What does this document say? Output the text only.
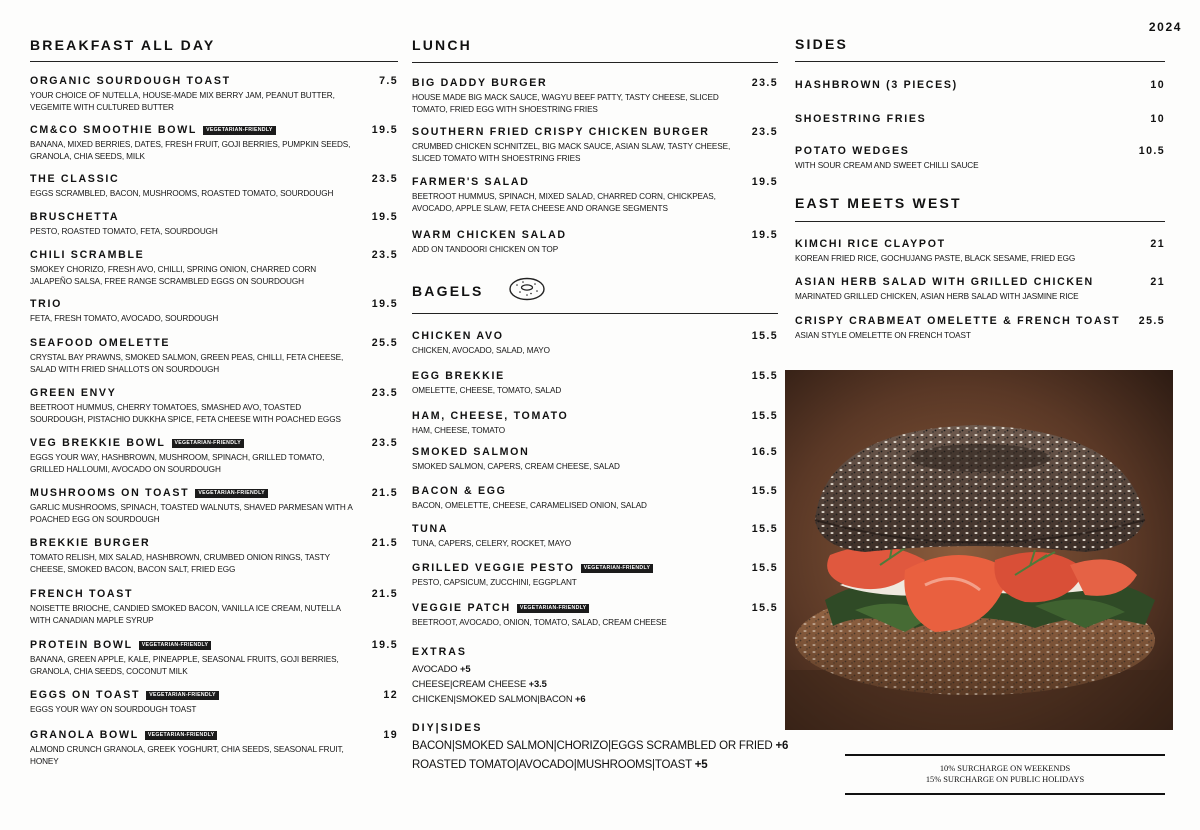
2024
BREAKFAST ALL DAY
ORGANIC SOURDOUGH TOAST	7.5
YOUR CHOICE OF NUTELLA, HOUSE-MADE MIX BERRY JAM, PEANUT BUTTER, VEGEMITE WITH CULTURED BUTTER
CM&CO SMOOTHIE BOWL	VEGETARIAN-FRIENDLY	19.5
BANANA, MIXED BERRIES, DATES, FRESH FRUIT, GOJI BERRIES, PUMPKIN SEEDS, GRANOLA, CHIA SEEDS, MILK
THE CLASSIC	23.5
EGGS SCRAMBLED, BACON, MUSHROOMS, ROASTED TOMATO, SOURDOUGH
BRUSCHETTA	19.5
PESTO, ROASTED TOMATO, FETA, SOURDOUGH
CHILI SCRAMBLE	23.5
SMOKEY CHORIZO, FRESH AVO, CHILLI, SPRING ONION, CHARRED CORN JALAPEÑO SALSA, FREE RANGE SCRAMBLED EGGS ON SOURDOUGH
TRIO	19.5
FETA, FRESH TOMATO, AVOCADO, SOURDOUGH
SEAFOOD OMELETTE	25.5
CRYSTAL BAY PRAWNS, SMOKED SALMON, GREEN PEAS, CHILLI, FETA CHEESE, SALAD WITH FRIED SHALLOTS ON SOURDOUGH
GREEN ENVY	23.5
BEETROOT HUMMUS, CHERRY TOMATOES, SMASHED AVO, TOASTED SOURDOUGH, PISTACHIO DUKKHA SPICE, FETA CHEESE WITH POACHED EGGS
VEG BREKKIE BOWL	VEGETARIAN-FRIENDLY	23.5
EGGS YOUR WAY, HASHBROWN, MUSHROOM, SPINACH, GRILLED TOMATO, GRILLED HALLOUMI, AVOCADO ON SOURDOUGH
MUSHROOMS ON TOAST	VEGETARIAN-FRIENDLY	21.5
GARLIC MUSHROOMS, SPINACH, TOASTED WALNUTS, SHAVED PARMESAN WITH A POACHED EGG ON SOURDOUGH
BREKKIE BURGER	21.5
TOMATO RELISH, MIX SALAD, HASHBROWN, CRUMBED ONION RINGS, TASTY CHEESE, SMOKED BACON, BACON SALT, FRIED EGG
FRENCH TOAST	21.5
NOISETTE BRIOCHE, CANDIED SMOKED BACON, VANILLA ICE CREAM, NUTELLA WITH CANADIAN MAPLE SYRUP
PROTEIN BOWL	VEGETARIAN-FRIENDLY	19.5
BANANA, GREEN APPLE, KALE, PINEAPPLE, SEASONAL FRUITS, GOJI BERRIES, GRANOLA, CHIA SEEDS, COCONUT MILK
EGGS ON TOAST	VEGETARIAN-FRIENDLY	12
EGGS YOUR WAY ON SOURDOUGH TOAST
GRANOLA BOWL	VEGETARIAN-FRIENDLY	19
ALMOND CRUNCH GRANOLA, GREEK YOGHURT, CHIA SEEDS, SEASONAL FRUIT, HONEY
LUNCH
BAGELS
EXTRAS
AVOCADO +5
CHEESE|CREAM CHEESE +3.5
CHICKEN|SMOKED SALMON|BACON +6
DIY|SIDES
BACON|SMOKED SALMON|CHORIZO|EGGS SCRAMBLED OR FRIED +6
ROASTED TOMATO|AVOCADO|MUSHROOMS|TOAST +5
BIG DADDY BURGER	23.5
HOUSE MADE BIG MACK SAUCE, WAGYU BEEF PATTY, TASTY CHEESE, SLICED TOMATO, FRIED EGG WITH SHOESTRING FRIES
SOUTHERN FRIED CRISPY CHICKEN BURGER	23.5
CRUMBED CHICKEN SCHNITZEL, BIG MACK SAUCE, ASIAN SLAW, TASTY CHEESE, SLICED TOMATO WITH SHOESTRING FRIES
FARMER'S SALAD	19.5
BEETROOT HUMMUS, SPINACH, MIXED SALAD, CHARRED CORN, CHICKPEAS, AVOCADO, APPLE SLAW, FETA CHEESE AND ORANGE SEGMENTS
WARM CHICKEN SALAD	19.5
ADD ON TANDOORI CHICKEN ON TOP
CHICKEN AVO	15.5
CHICKEN, AVOCADO, SALAD, MAYO
EGG BREKKIE	15.5
OMELETTE, CHEESE, TOMATO, SALAD
HAM, CHEESE, TOMATO	15.5
HAM, CHEESE, TOMATO
SMOKED SALMON	16.5
SMOKED SALMON, CAPERS, CREAM CHEESE, SALAD
BACON & EGG	15.5
BACON, OMELETTE, CHEESE, CARAMELISED ONION, SALAD
TUNA	15.5
TUNA, CAPERS, CELERY, ROCKET, MAYO
GRILLED VEGGIE PESTO	VEGETARIAN-FRIENDLY	15.5
PESTO, CAPSICUM, ZUCCHINI, EGGPLANT
VEGGIE PATCH	VEGETARIAN-FRIENDLY	15.5
BEETROOT, AVOCADO, ONION, TOMATO, SALAD, CREAM CHEESE
SIDES
EAST MEETS WEST
HASHBROWN (3 PIECES)	10
SHOESTRING FRIES	10
POTATO WEDGES	10.5
WITH SOUR CREAM AND SWEET CHILLI SAUCE
KIMCHI RICE CLAYPOT	21
KOREAN FRIED RICE, GOCHUJANG PASTE, BLACK SESAME, FRIED EGG
ASIAN HERB SALAD WITH GRILLED CHICKEN	21
MARINATED GRILLED CHICKEN, ASIAN HERB SALAD WITH JASMINE RICE
CRISPY CRABMEAT OMELETTE & FRENCH TOAST 25.5
ASIAN STYLE OMELETTE ON FRENCH TOAST
10% SURCHARGE ON WEEKENDS
15% SURCHARGE ON PUBLIC HOLIDAYS
